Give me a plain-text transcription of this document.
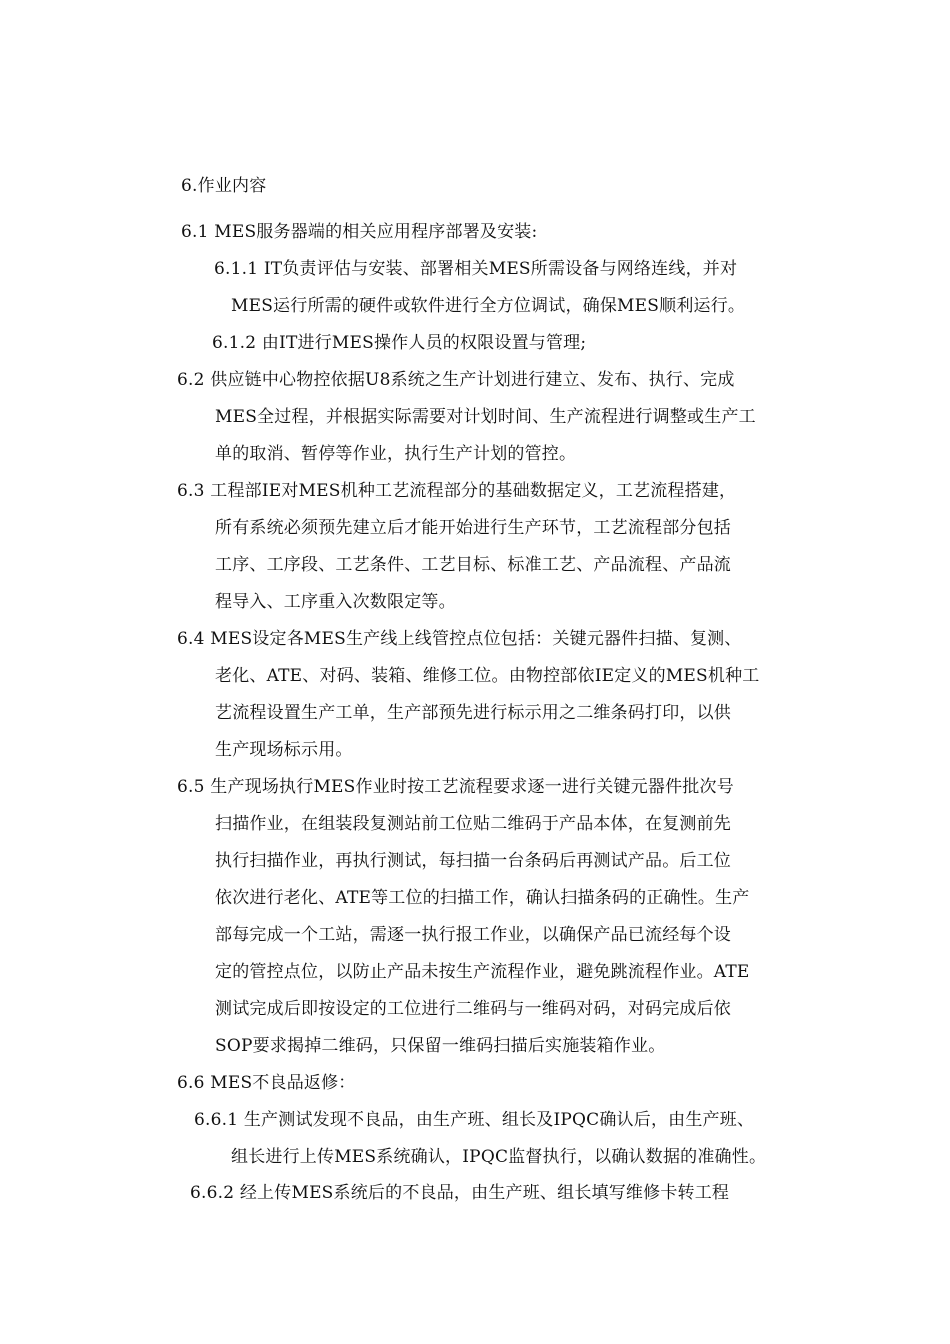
6.作业内容
6.1 MES服务器端的相关应用程序部署及安装:
6.1.1 IT负责评估与安装、部署相关MES所需设备与网络连线，并对
MES运行所需的硬件或软件进行全方位调试，确保MES顺利运行。
6.1.2 由IT进行MES操作人员的权限设置与管理;
6.2 供应链中心物控依据U8系统之生产计划进行建立、发布、执行、完成
MES全过程，并根据实际需要对计划时间、生产流程进行调整或生产工
单的取消、暂停等作业，执行生产计划的管控。
6.3 工程部IE对MES机种工艺流程部分的基础数据定义，工艺流程搭建，
所有系统必须预先建立后才能开始进行生产环节，工艺流程部分包括
工序、工序段、工艺条件、工艺目标、标准工艺、产品流程、产品流
程导入、工序重入次数限定等。
6.4 MES设定各MES生产线上线管控点位包括：关键元器件扫描、复测、
老化、ATE、对码、装箱、维修工位。由物控部依IE定义的MES机种工
艺流程设置生产工单，生产部预先进行标示用之二维条码打印，以供
生产现场标示用。
6.5 生产现场执行MES作业时按工艺流程要求逐一进行关键元器件批次号
扫描作业，在组装段复测站前工位贴二维码于产品本体，在复测前先
执行扫描作业，再执行测试，每扫描一台条码后再测试产品。后工位
依次进行老化、ATE等工位的扫描工作，确认扫描条码的正确性。生产
部每完成一个工站，需逐一执行报工作业，以确保产品已流经每个设
定的管控点位，以防止产品未按生产流程作业，避免跳流程作业。ATE
测试完成后即按设定的工位进行二维码与一维码对码，对码完成后依
SOP要求揭掉二维码，只保留一维码扫描后实施装箱作业。
6.6 MES不良品返修：
6.6.1 生产测试发现不良品，由生产班、组长及IPQC确认后，由生产班、
组长进行上传MES系统确认，IPQC监督执行，以确认数据的准确性。
6.6.2 经上传MES系统后的不良品，由生产班、组长填写维修卡转工程
